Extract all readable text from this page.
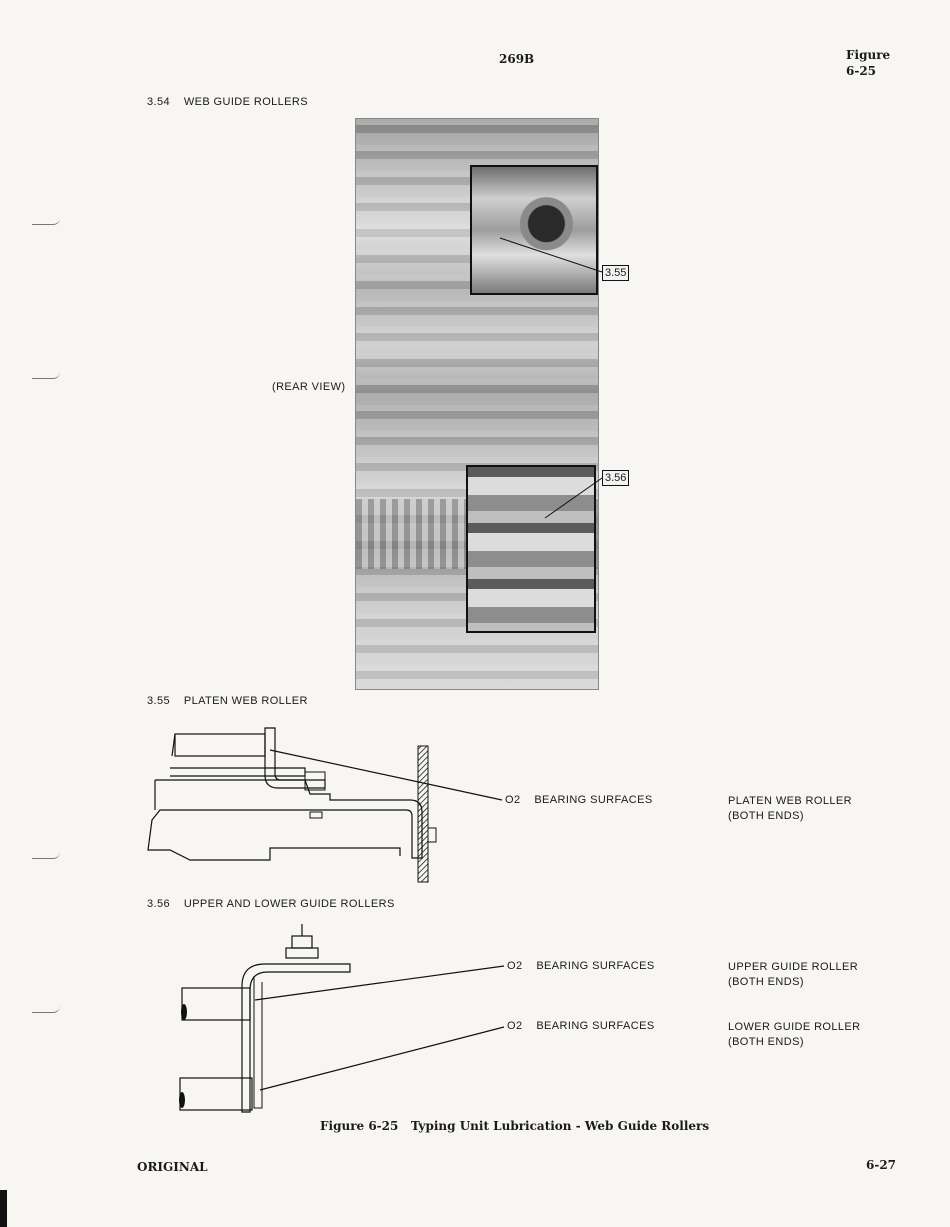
269B	Figure
6-25
3.54 WEB GUIDE ROLLERS
(REAR VIEW)
3.55
3.56
3.55 PLATEN WEB ROLLER
O2 BEARING SURFACES	PLATEN WEB ROLLER
(BOTH ENDS)
3.56 UPPER AND LOWER GUIDE ROLLERS
O2 BEARING SURFACES	UPPER GUIDE ROLLER
(BOTH ENDS)
O2 BEARING SURFACES	LOWER GUIDE ROLLER
(BOTH ENDS)
Figure 6-25   Typing Unit Lubrication - Web Guide Rollers
ORIGINAL	6-27
